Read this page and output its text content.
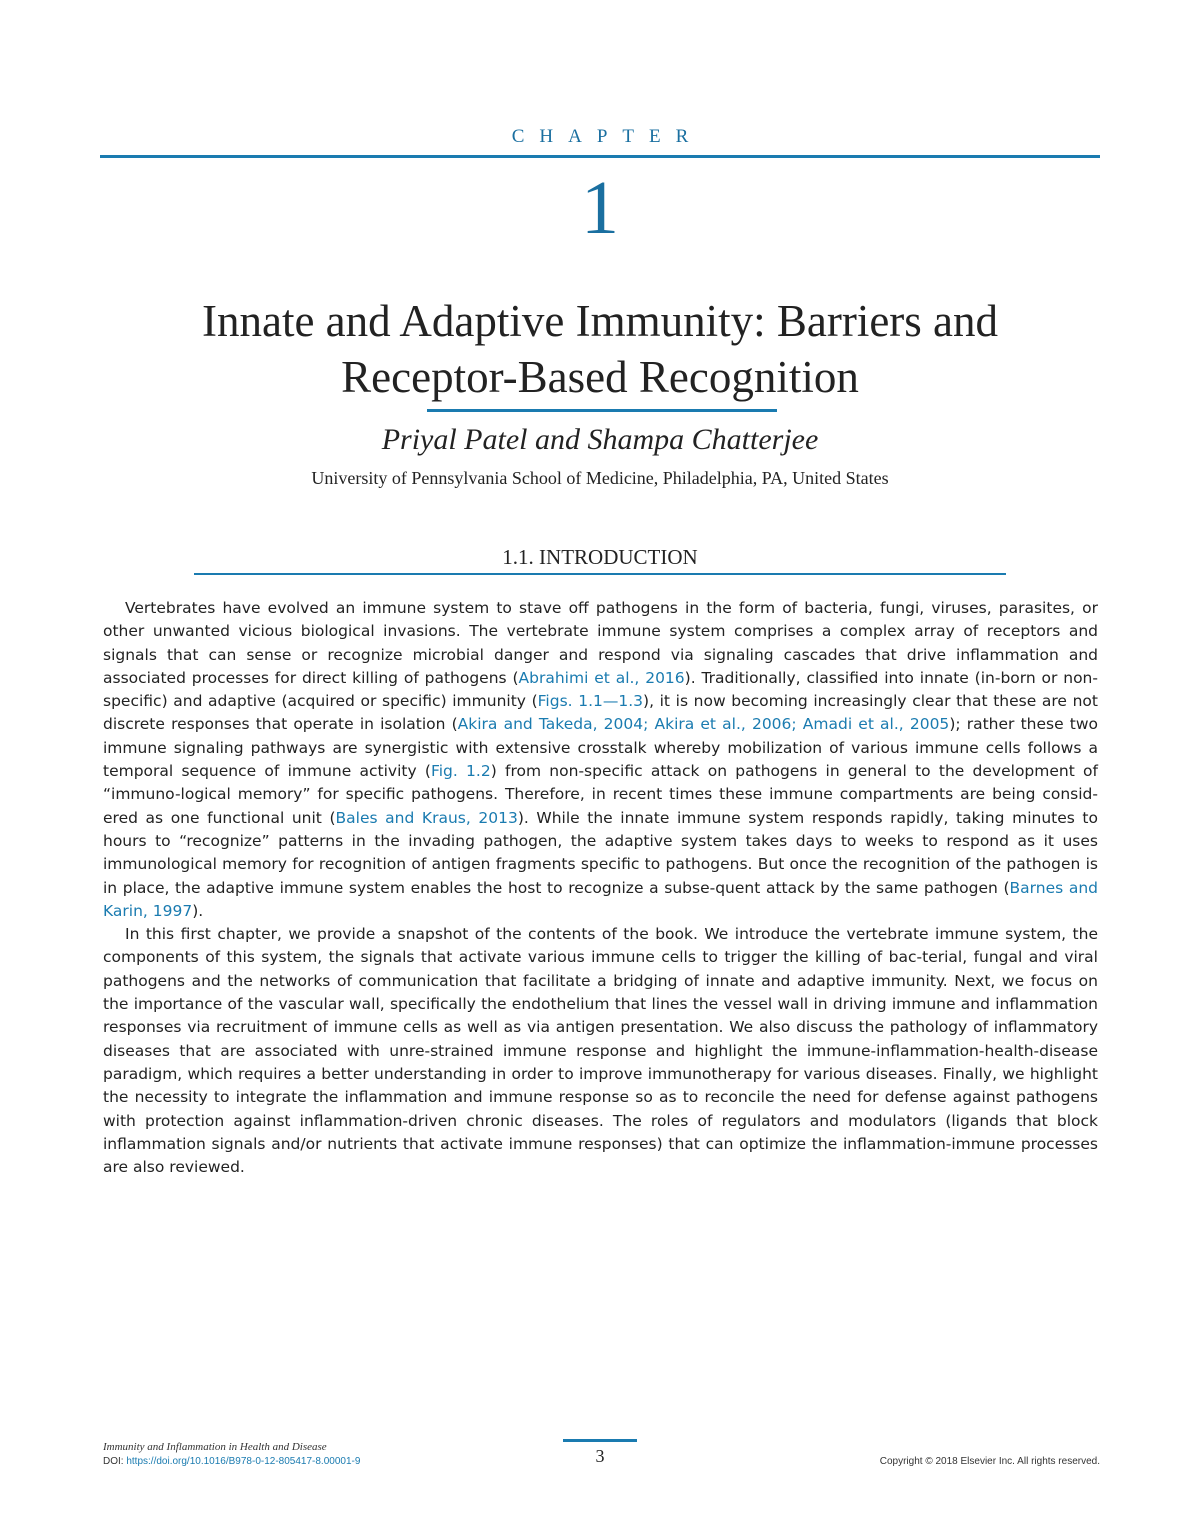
CHAPTER
1
Innate and Adaptive Immunity: Barriers and
Receptor-Based Recognition
Priyal Patel and Shampa Chatterjee
University of Pennsylvania School of Medicine, Philadelphia, PA, United States
1.1. INTRODUCTION

Vertebrates have evolved an immune system to stave off pathogens in the form of bacteria, fungi, viruses, parasites, or other unwanted vicious biological invasions. The vertebrate immune system comprises a complex array of receptors and signals that can sense or recognize microbial danger and respond via signaling cascades that drive inflammation and associated processes for direct killing of pathogens (Abrahimi et al., 2016). Traditionally, classified into innate (in-born or non-specific) and adaptive (acquired or specific) immunity (Figs. 1.1—1.3), it is now becoming increasingly clear that these are not discrete responses that operate in isolation (Akira and Takeda, 2004; Akira et al., 2006; Amadi et al., 2005); rather these two immune signaling pathways are synergistic with extensive crosstalk whereby mobilization of various immune cells follows a temporal sequence of immune activity (Fig. 1.2) from non-specific attack on pathogens in general to the development of “immuno-logical memory” for specific pathogens. Therefore, in recent times these immune compartments are being consid-ered as one functional unit (Bales and Kraus, 2013). While the innate immune system responds rapidly, taking minutes to hours to “recognize” patterns in the invading pathogen, the adaptive system takes days to weeks to respond as it uses immunological memory for recognition of antigen fragments specific to pathogens. But once the recognition of the pathogen is in place, the adaptive immune system enables the host to recognize a subse-quent attack by the same pathogen (Barnes and Karin, 1997).

In this first chapter, we provide a snapshot of the contents of the book. We introduce the vertebrate immune system, the components of this system, the signals that activate various immune cells to trigger the killing of bac-terial, fungal and viral pathogens and the networks of communication that facilitate a bridging of innate and adaptive immunity. Next, we focus on the importance of the vascular wall, specifically the endothelium that lines the vessel wall in driving immune and inflammation responses via recruitment of immune cells as well as via antigen presentation. We also discuss the pathology of inflammatory diseases that are associated with unre-strained immune response and highlight the immune-inflammation-health-disease paradigm, which requires a better understanding in order to improve immunotherapy for various diseases. Finally, we highlight the necessity to integrate the inflammation and immune response so as to reconcile the need for defense against pathogens with protection against inflammation-driven chronic diseases. The roles of regulators and modulators (ligands that block inflammation signals and/or nutrients that activate immune responses) that can optimize the inflammation-immune processes are also reviewed.

Immunity and Inflammation in Health and Disease
DOI: https://doi.org/10.1016/B978-0-12-805417-8.00001-9	3	Copyright © 2018 Elsevier Inc. All rights reserved.
